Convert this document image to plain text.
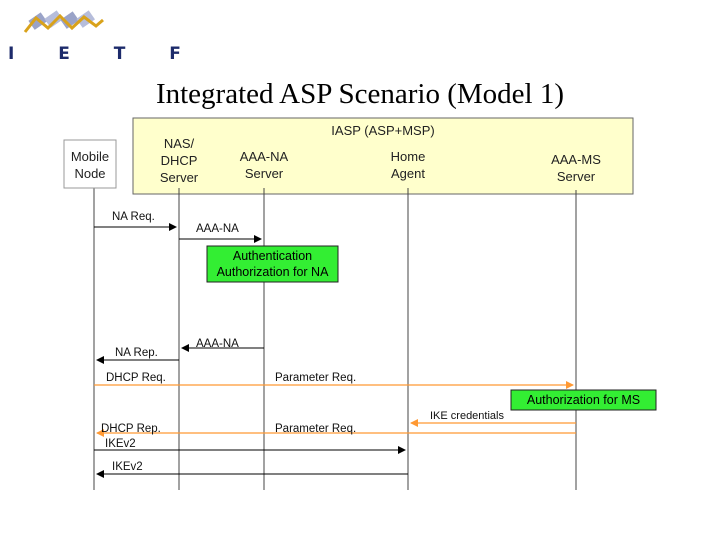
I E T F
Integrated ASP Scenario (Model 1)
IASP (ASP+MSP)
Mobile
Node
NAS/
DHCP
Server
AAA-NA
Server
Home
Agent
AAA-MS
Server
NA Req.
AAA-NA
Authentication
Authorization for NA
AAA-NA
NA Rep.
DHCP Req.	Parameter Req.
Authorization for MS
IKE credentials
DHCP Rep.	Parameter Req.
IKEv2
IKEv2
